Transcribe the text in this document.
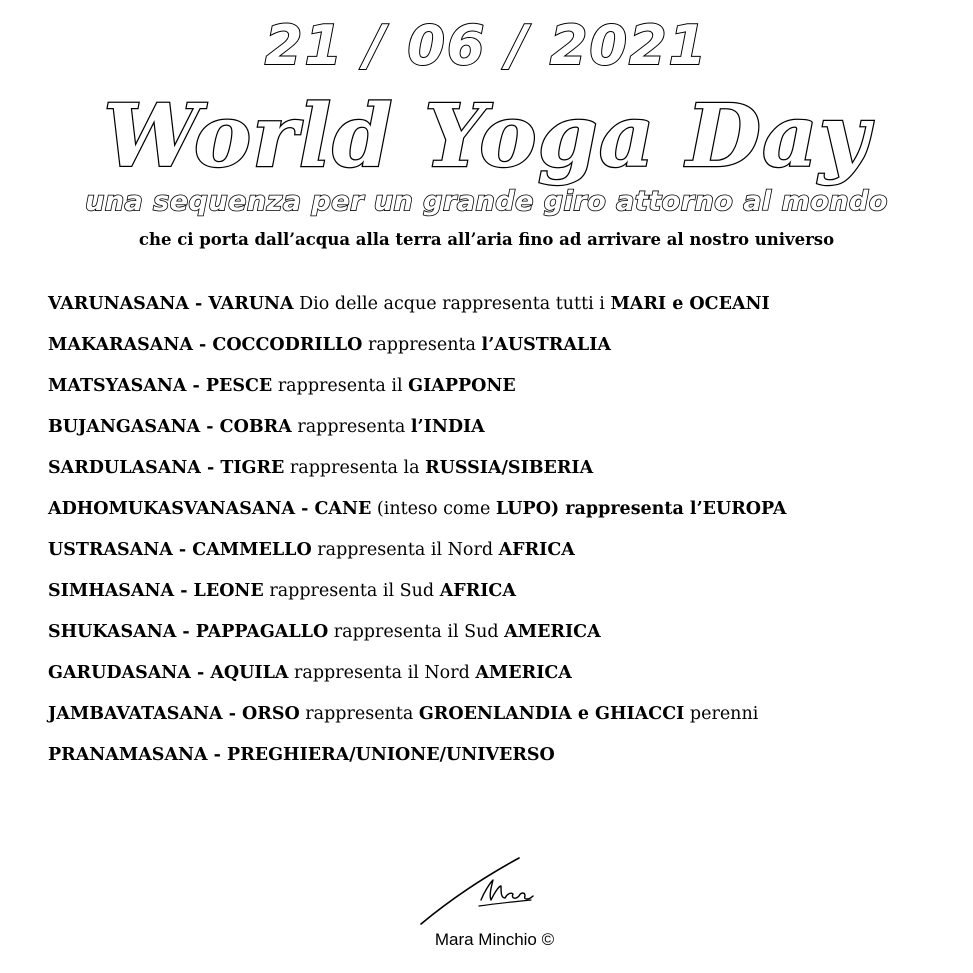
21 / 06 / 2021
World Yoga Day
una sequenza per un grande giro attorno al mondo
che ci porta dall’acqua alla terra all’aria fino ad arrivare al nostro universo
VARUNASANA - VARUNA Dio delle acque rappresenta tutti i MARI e OCEANI
MAKARASANA - COCCODRILLO rappresenta l’AUSTRALIA
MATSYASANA - PESCE rappresenta il GIAPPONE
BUJANGASANA - COBRA rappresenta l’INDIA
SARDULASANA - TIGRE rappresenta la RUSSIA/SIBERIA
ADHOMUKASVANASANA - CANE (inteso come LUPO) rappresenta l’EUROPA
USTRASANA - CAMMELLO rappresenta il Nord AFRICA
SIMHASANA - LEONE rappresenta il Sud AFRICA
SHUKASANA - PAPPAGALLO rappresenta il Sud AMERICA
GARUDASANA - AQUILA rappresenta il Nord AMERICA
JAMBAVATASANA - ORSO rappresenta GROENLANDIA e GHIACCI perenni
PRANAMASANA - PREGHIERA/UNIONE/UNIVERSO
Mara Minchio ©
